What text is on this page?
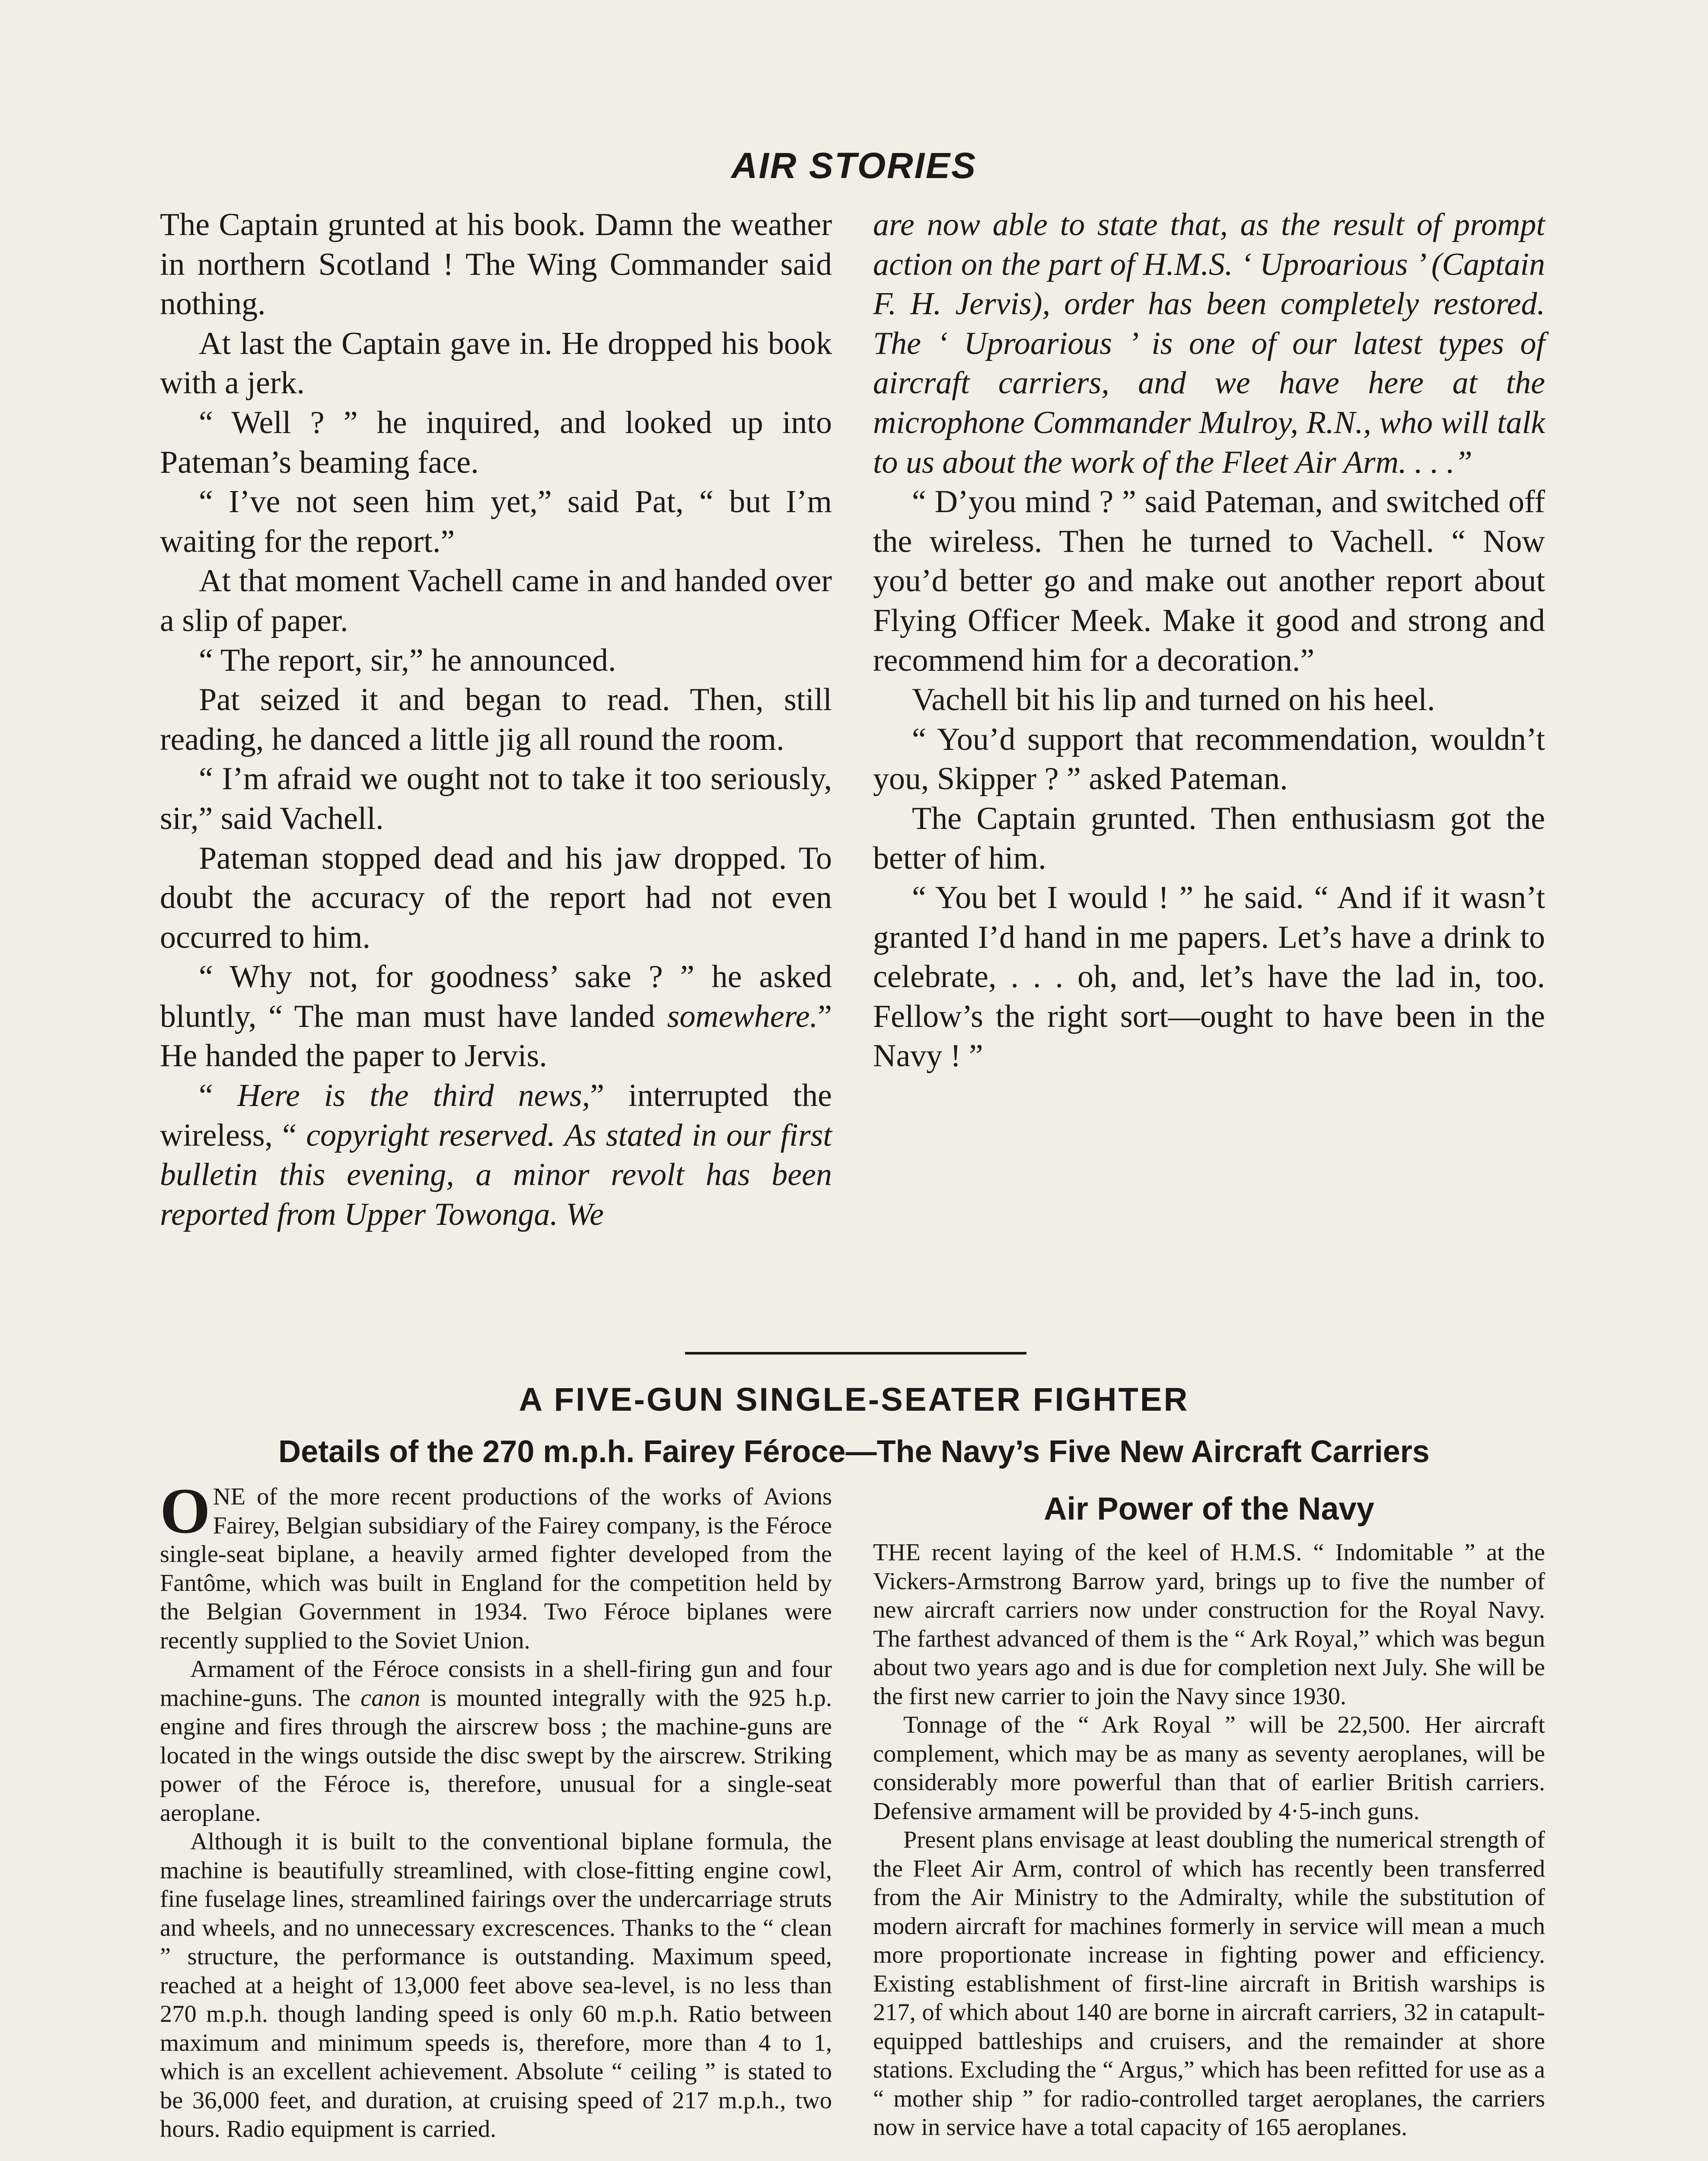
AIR STORIES

The Captain grunted at his book. Damn the weather in northern Scotland ! The Wing Commander said nothing.

At last the Captain gave in. He dropped his book with a jerk.

“ Well ? ” he inquired, and looked up into Pateman’s beaming face.

“ I’ve not seen him yet,” said Pat, “ but I’m waiting for the report.”

At that moment Vachell came in and handed over a slip of paper.

“ The report, sir,” he announced.

Pat seized it and began to read. Then, still reading, he danced a little jig all round the room.

“ I’m afraid we ought not to take it too seriously, sir,” said Vachell.

Pateman stopped dead and his jaw dropped. To doubt the accuracy of the report had not even occurred to him.

“ Why not, for goodness’ sake ? ” he asked bluntly, “ The man must have landed somewhere.” He handed the paper to Jervis.

“ Here is the third news,” interrupted the wireless, “ copyright reserved. As stated in our first bulletin this evening, a minor revolt has been reported from Upper Towonga. We

are now able to state that, as the result of prompt action on the part of H.M.S. ‘ Uproarious ’ (Captain F. H. Jervis), order has been completely restored. The ‘ Uproarious ’ is one of our latest types of aircraft carriers, and we have here at the microphone Commander Mulroy, R.N., who will talk to us about the work of the Fleet Air Arm. . . .”

“ D’you mind ? ” said Pateman, and switched off the wireless. Then he turned to Vachell. “ Now you’d better go and make out another report about Flying Officer Meek. Make it good and strong and recommend him for a decoration.”

Vachell bit his lip and turned on his heel.

“ You’d support that recommendation, wouldn’t you, Skipper ? ” asked Pateman.

The Captain grunted. Then enthusiasm got the better of him.

“ You bet I would ! ” he said. “ And if it wasn’t granted I’d hand in me papers. Let’s have a drink to celebrate, . . . oh, and, let’s have the lad in, too. Fellow’s the right sort—ought to have been in the Navy ! ”

A FIVE-GUN SINGLE-SEATER FIGHTER
Details of the 270 m.p.h. Fairey Féroce—The Navy’s Five New Aircraft Carriers

ONE of the more recent productions of the works of Avions Fairey, Belgian subsidiary of the Fairey company, is the Féroce single-seat biplane, a heavily armed fighter developed from the Fantôme, which was built in England for the competition held by the Belgian Government in 1934. Two Féroce biplanes were recently supplied to the Soviet Union.

Armament of the Féroce consists in a shell-firing gun and four machine-guns. The canon is mounted integrally with the 925 h.p. engine and fires through the airscrew boss ; the machine-guns are located in the wings outside the disc swept by the airscrew. Striking power of the Féroce is, therefore, unusual for a single-seat aeroplane.

Although it is built to the conventional biplane formula, the machine is beautifully streamlined, with close-fitting engine cowl, fine fuselage lines, streamlined fairings over the undercarriage struts and wheels, and no unnecessary excrescences. Thanks to the “ clean ” structure, the performance is outstanding. Maximum speed, reached at a height of 13,000 feet above sea-level, is no less than 270 m.p.h. though landing speed is only 60 m.p.h. Ratio between maximum and minimum speeds is, therefore, more than 4 to 1, which is an excellent achievement. Absolute “ ceiling ” is stated to be 36,000 feet, and duration, at cruising speed of 217 m.p.h., two hours. Radio equipment is carried.

Air Power of the Navy

THE recent laying of the keel of H.M.S. “ Indomitable ” at the Vickers-Armstrong Barrow yard, brings up to five the number of new aircraft carriers now under construction for the Royal Navy. The farthest advanced of them is the “ Ark Royal,” which was begun about two years ago and is due for completion next July. She will be the first new carrier to join the Navy since 1930.

Tonnage of the “ Ark Royal ” will be 22,500. Her aircraft complement, which may be as many as seventy aeroplanes, will be considerably more powerful than that of earlier British carriers. Defensive armament will be provided by 4·5-inch guns.

Present plans envisage at least doubling the numerical strength of the Fleet Air Arm, control of which has recently been transferred from the Air Ministry to the Admiralty, while the substitution of modern aircraft for machines formerly in service will mean a much more proportionate increase in fighting power and efficiency. Existing establishment of first-line aircraft in British warships is 217, of which about 140 are borne in aircraft carriers, 32 in catapult-equipped battleships and cruisers, and the remainder at shore stations. Excluding the “ Argus,” which has been refitted for use as a “ mother ship ” for radio-controlled target aeroplanes, the carriers now in service have a total capacity of 165 aeroplanes.
